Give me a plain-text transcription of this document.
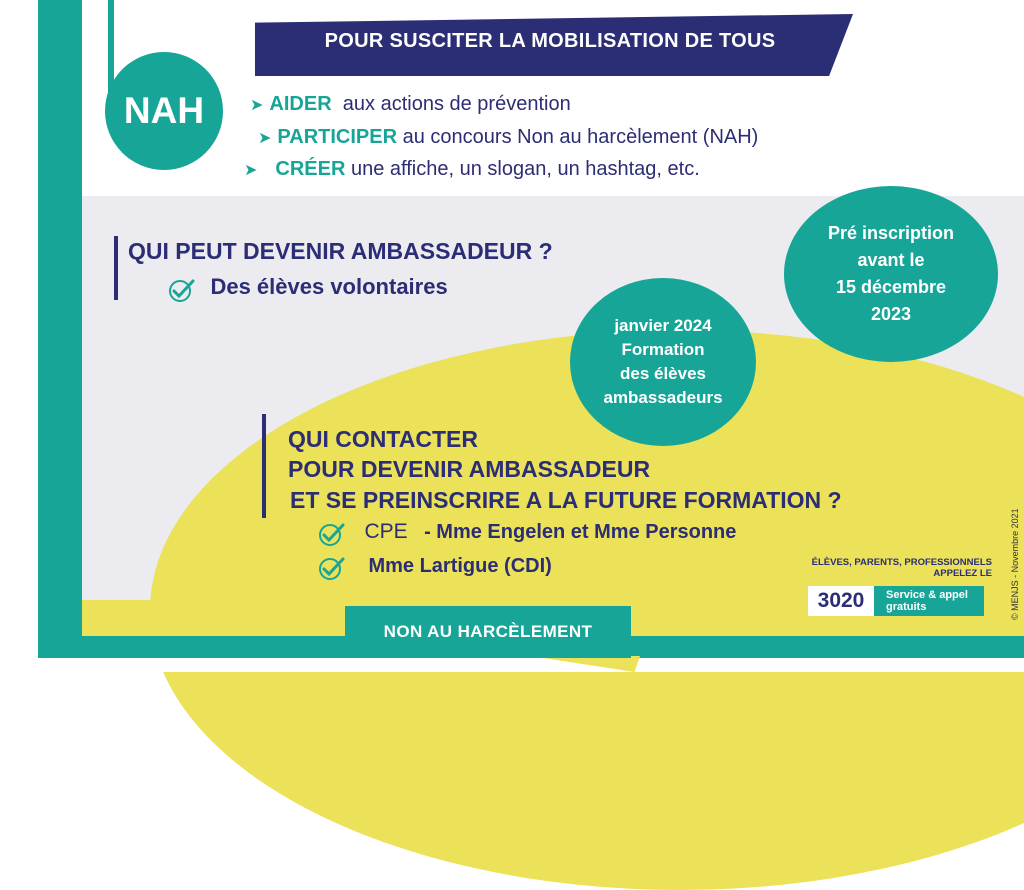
POUR SUSCITER LA MOBILISATION DE TOUS
NAH	➤ AIDER aux actions de prévention
➤ PARTICIPER au concours Non au harcèlement (NAH)
➤ CRÉER une affiche, un slogan, un hashtag, etc.
QUI PEUT DEVENIR AMBASSADEUR ?
Des élèves volontaires
Pré inscription
avant le
15 décembre
2023
janvier 2024
Formation
des élèves
ambassadeurs
QUI CONTACTER
POUR DEVENIR AMBASSADEUR
ET SE PREINSCRIRE A LA FUTURE FORMATION ?
CPE - Mme Engelen et Mme Personne
Mme Lartigue (CDI)	ÉLÈVES, PARENTS, PROFESSIONNELS
APPELEZ LE
3020	Service & appel
gratuits
NON AU HARCÈLEMENT
© MENJS - Novembre 2021
